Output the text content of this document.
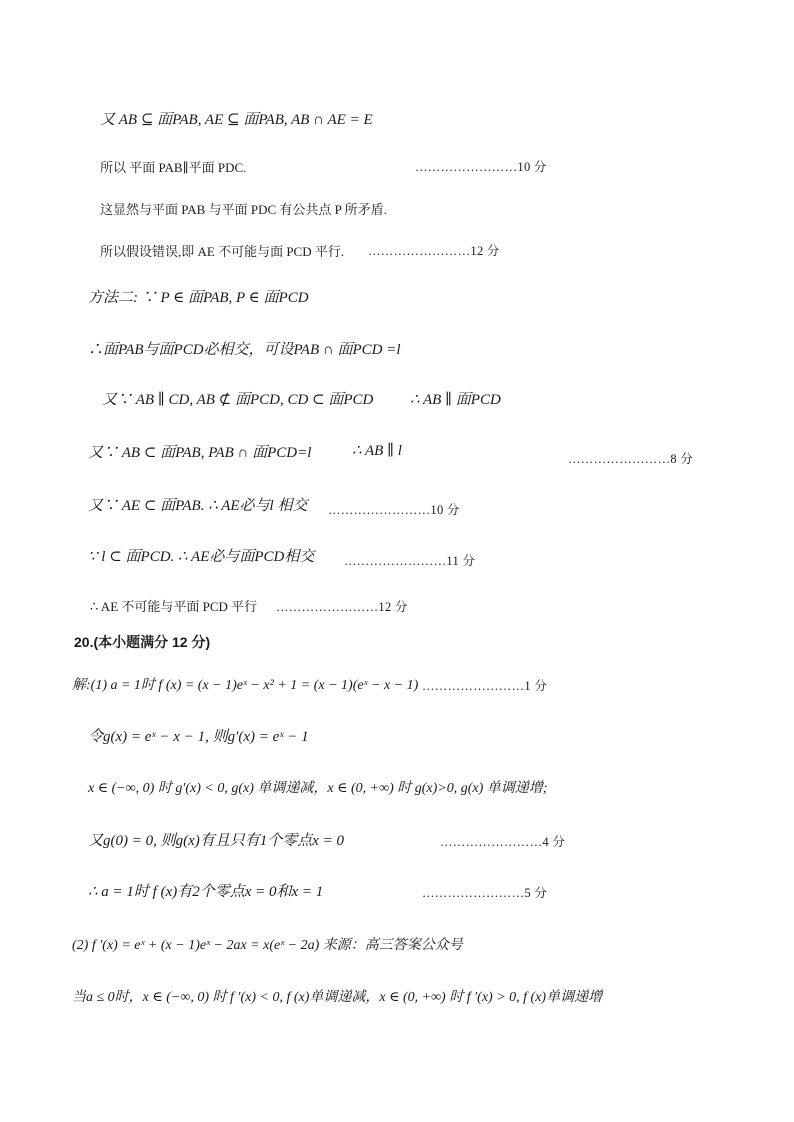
又 AB ⊆ 面PAB, AE ⊆ 面PAB, AB ∩ AE = E
所以 平面 PAB∥平面 PDC.	……………………10 分
这显然与平面 PAB 与平面 PDC 有公共点 P 所矛盾.
所以假设错误,即 AE 不可能与面 PCD 平行. ……………………12 分
方法二: ∵ P ∈ 面PAB, P ∈ 面PCD
∴面PAB与面PCD必相交，可设PAB ∩ 面PCD =l
又∵ AB ∥ CD, AB ⊄ 面PCD, CD ⊂ 面PCD ∴ AB ∥ 面PCD
又∵ AB ⊂ 面PAB, PAB ∩ 面PCD=l	∴ AB ∥ l	……………………8 分
又∵ AE ⊂ 面PAB. ∴ AE必与l 相交 ……………………10 分
∵ l ⊂ 面PCD. ∴ AE必与面PCD相交 ……………………11 分
∴ AE 不可能与平面 PCD 平行 ……………………12 分
20.(本小题满分 12 分)
解:(1) a = 1时 f (x) = (x − 1)eˣ − x² + 1 = (x − 1)(eˣ − x − 1) ……………………1 分
令g(x) = eˣ − x − 1, 则g′(x) = eˣ − 1
x ∈ (−∞, 0) 时 g′(x) < 0, g(x) 单调递减，x ∈ (0, +∞) 时 g(x)>0, g(x) 单调递增;
又g(0) = 0, 则g(x)有且只有1个零点x = 0	……………………4 分
∴ a = 1时 f (x)有2个零点x = 0和x = 1	……………………5 分
(2) f ′(x) = eˣ + (x − 1)eˣ − 2ax = x(eˣ − 2a) 来源：高三答案公众号
当a ≤ 0时，x ∈ (−∞, 0) 时 f ′(x) < 0, f (x)单调递减，x ∈ (0, +∞) 时 f ′(x) > 0, f (x)单调递增
